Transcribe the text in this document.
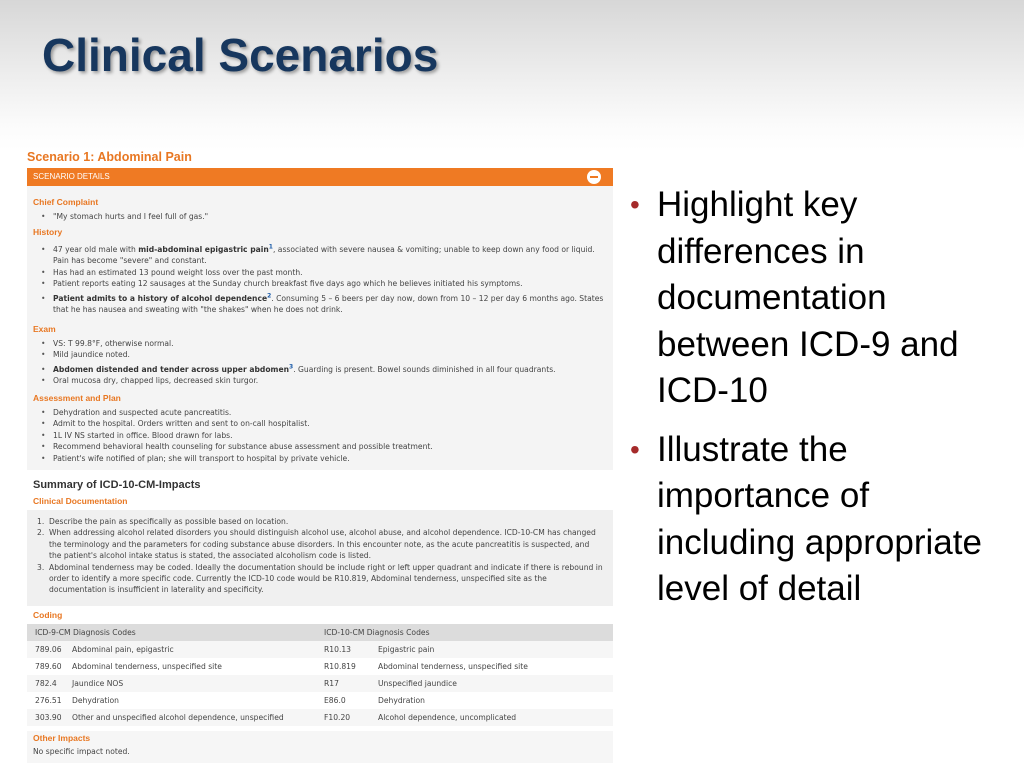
Clinical Scenarios
Scenario 1: Abdominal Pain
SCENARIO DETAILS
Chief Complaint
• "My stomach hurts and I feel full of gas."
History
• 47 year old male with mid-abdominal epigastric pain$^1$, associated with severe nausea & vomiting; unable to keep down any food or liquid. Pain has become "severe" and constant.
• Has had an estimated 13 pound weight loss over the past month.
• Patient reports eating 12 sausages at the Sunday church breakfast five days ago which he believes initiated his symptoms.
• Patient admits to a history of alcohol dependence$^2$. Consuming 5 – 6 beers per day now, down from 10 – 12 per day 6 months ago. States that he has nausea and sweating with "the shakes" when he does not drink.
Exam
• VS: T 99.8°F, otherwise normal.
• Mild jaundice noted.
• Abdomen distended and tender across upper abdomen$^3$. Guarding is present. Bowel sounds diminished in all four quadrants.
• Oral mucosa dry, chapped lips, decreased skin turgor.
Assessment and Plan
• Dehydration and suspected acute pancreatitis.
• Admit to the hospital. Orders written and sent to on-call hospitalist.
• 1L IV NS started in office. Blood drawn for labs.
• Recommend behavioral health counseling for substance abuse assessment and possible treatment.
• Patient's wife notified of plan; she will transport to hospital by private vehicle.
Summary of ICD-10-CM-Impacts
Clinical Documentation
1. Describe the pain as specifically as possible based on location.
2. When addressing alcohol related disorders you should distinguish alcohol use, alcohol abuse, and alcohol dependence. ICD-10-CM has changed the terminology and the parameters for coding substance abuse disorders. In this encounter note, as the acute pancreatitis is suspected, and the patient's alcohol intake status is stated, the associated alcoholism code is listed.
3. Abdominal tenderness may be coded. Ideally the documentation should be include right or left upper quadrant and indicate if there is rebound in order to identify a more specific code. Currently the ICD-10 code would be R10.819, Abdominal tenderness, unspecified site as the documentation is insufficient in laterality and specificity.
Coding
ICD-9-CM Diagnosis Codes		ICD-10-CM Diagnosis Codes	
789.06	Abdominal pain, epigastric	R10.13	Epigastric pain
789.60	Abdominal tenderness, unspecified site	R10.819	Abdominal tenderness, unspecified site
782.4	Jaundice NOS	R17	Unspecified jaundice
276.51	Dehydration	E86.0	Dehydration
303.90	Other and unspecified alcohol dependence, unspecified	F10.20	Alcohol dependence, uncomplicated
Other Impacts
No specific impact noted.
• Highlight key differences in documentation between ICD-9 and ICD-10
• Illustrate the importance of including appropriate level of detail
